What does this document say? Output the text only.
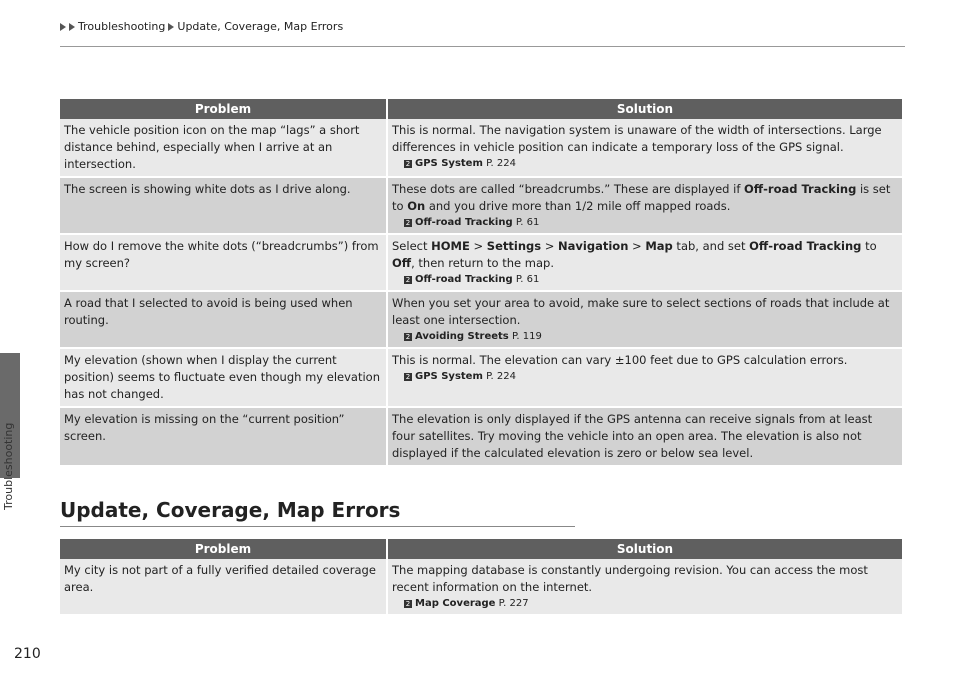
Troubleshooting Update, Coverage, Map Errors
Troubleshooting
Problem	Solution
The vehicle position icon on the map “lags” a short distance behind, especially when I arrive at an intersection.	This is normal. The navigation system is unaware of the width of intersections. Large differences in vehicle position can indicate a temporary loss of the GPS signal.
2 GPS System P. 224

The screen is showing white dots as I drive along.	These dots are called “breadcrumbs.” These are displayed if Off-road Tracking is set to On and you drive more than 1/2 mile off mapped roads.
2 Off-road Tracking P. 61

How do I remove the white dots (“breadcrumbs”) from my screen?	Select HOME > Settings > Navigation > Map tab, and set Off-road Tracking to Off, then return to the map.
2 Off-road Tracking P. 61

A road that I selected to avoid is being used when routing.	When you set your area to avoid, make sure to select sections of roads that include at least one intersection.
2 Avoiding Streets P. 119

My elevation (shown when I display the current position) seems to fluctuate even though my elevation has not changed.	This is normal. The elevation can vary ±100 feet due to GPS calculation errors.
2 GPS System P. 224

My elevation is missing on the “current position” screen.	The elevation is only displayed if the GPS antenna can receive signals from at least four satellites. Try moving the vehicle into an open area. The elevation is also not displayed if the calculated elevation is zero or below sea level.
Update, Coverage, Map Errors
Problem	Solution
My city is not part of a fully verified detailed coverage area.	The mapping database is constantly undergoing revision. You can access the most recent information on the internet.
2 Map Coverage P. 227
210
